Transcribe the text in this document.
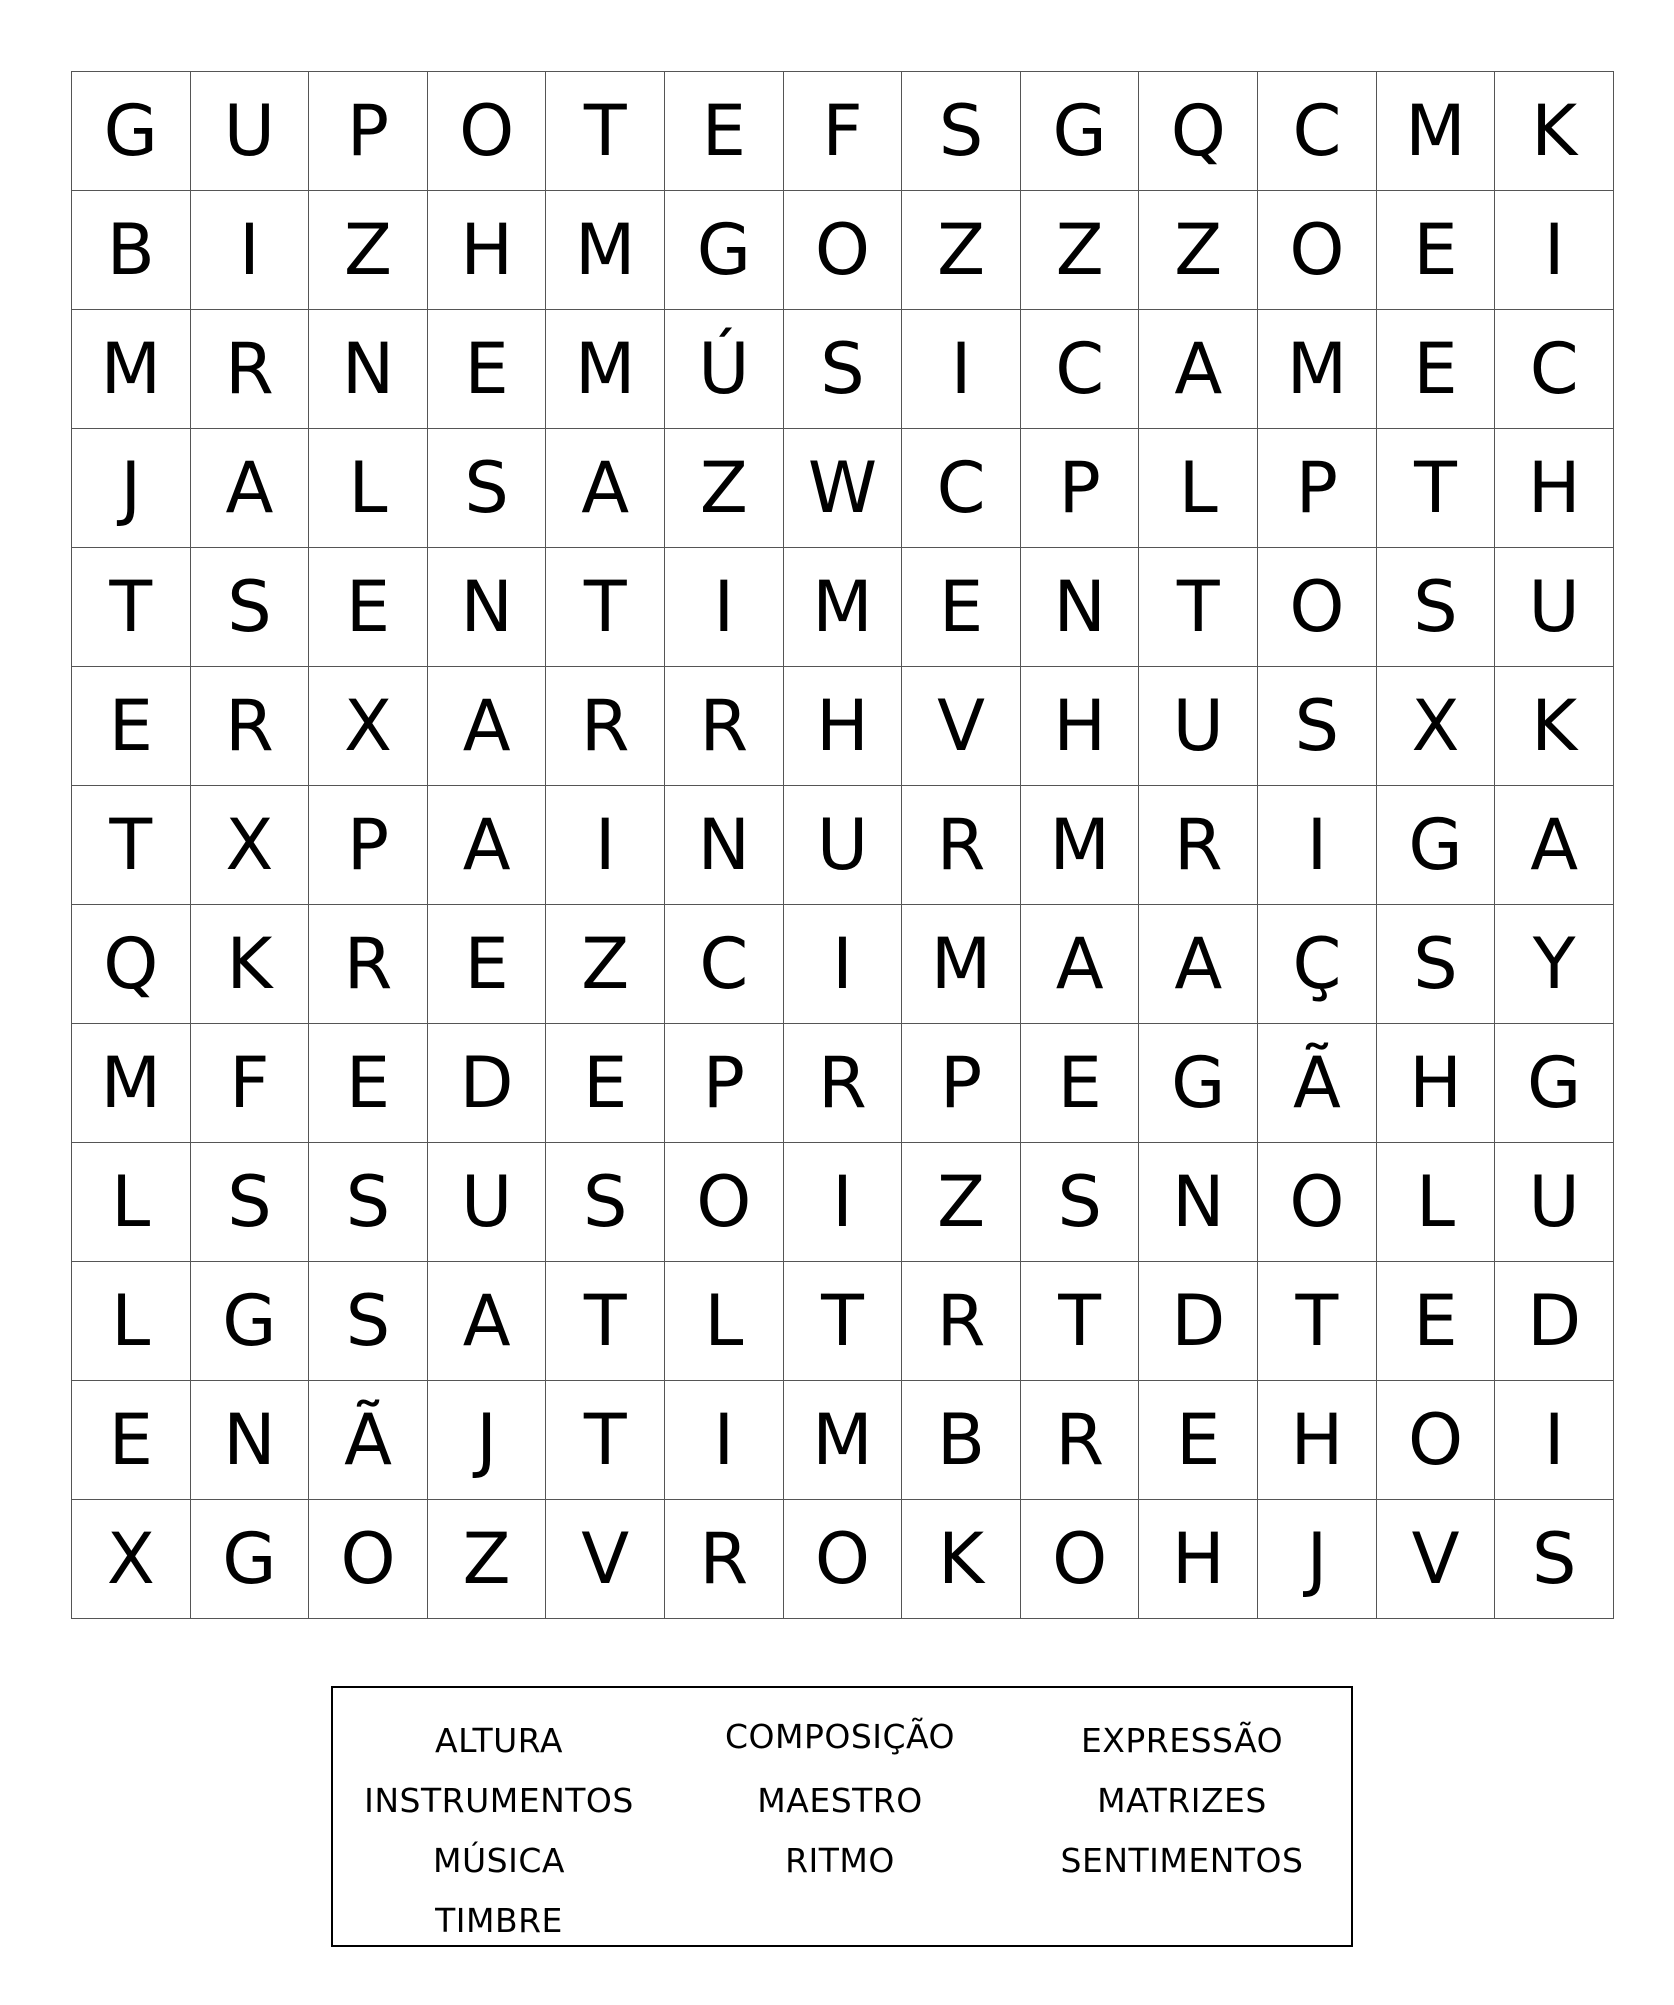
G	U	P	O	T	E	F	S	G	Q	C	M	K
B	I	Z	H	M	G	O	Z	Z	Z	O	E	I
M	R	N	E	M	Ú	S	I	C	A	M	E	C
J	A	L	S	A	Z	W	C	P	L	P	T	H
T	S	E	N	T	I	M	E	N	T	O	S	U
E	R	X	A	R	R	H	V	H	U	S	X	K
T	X	P	A	I	N	U	R	M	R	I	G	A
Q	K	R	E	Z	C	I	M	A	A	Ç	S	Y
M	F	E	D	E	P	R	P	E	G	Ã	H	G
L	S	S	U	S	O	I	Z	S	N	O	L	U
L	G	S	A	T	L	T	R	T	D	T	E	D
E	N	Ã	J	T	I	M	B	R	E	H	O	I
X	G	O	Z	V	R	O	K	O	H	J	V	S
ALTURA	COMPOSIÇÃO	EXPRESSÃO
INSTRUMENTOS	MAESTRO	MATRIZES
MÚSICA	RITMO	SENTIMENTOS
TIMBRE
